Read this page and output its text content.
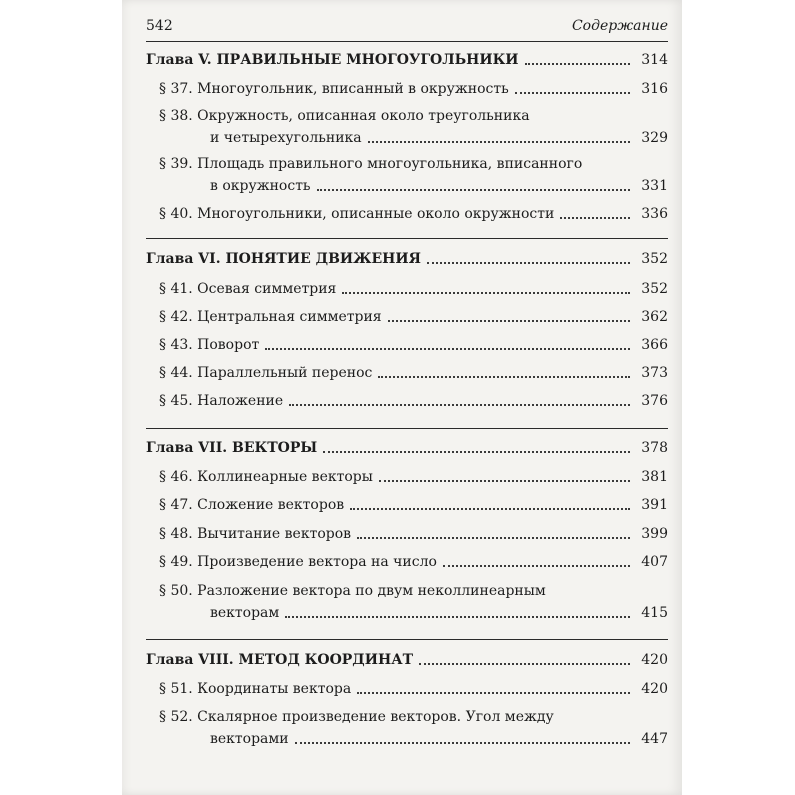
542	Содержание
Глава V. ПРАВИЛЬНЫЕ МНОГОУГОЛЬНИКИ	314
§ 37. Многоугольник, вписанный в окружность	316
§ 38. Окружность, описанная около треугольника
и четырехугольника	329
§ 39. Площадь правильного многоугольника, вписанного
в окружность	331
§ 40. Многоугольники, описанные около окружности	336
Глава VI. ПОНЯТИЕ ДВИЖЕНИЯ	352
§ 41. Осевая симметрия	352
§ 42. Центральная симметрия	362
§ 43. Поворот	366
§ 44. Параллельный перенос	373
§ 45. Наложение	376
Глава VII. ВЕКТОРЫ	378
§ 46. Коллинеарные векторы	381
§ 47. Сложение векторов	391
§ 48. Вычитание векторов	399
§ 49. Произведение вектора на число	407
§ 50. Разложение вектора по двум неколлинеарным
векторам	415
Глава VIII. МЕТОД КООРДИНАТ	420
§ 51. Координаты вектора	420
§ 52. Скалярное произведение векторов. Угол между
векторами	447
